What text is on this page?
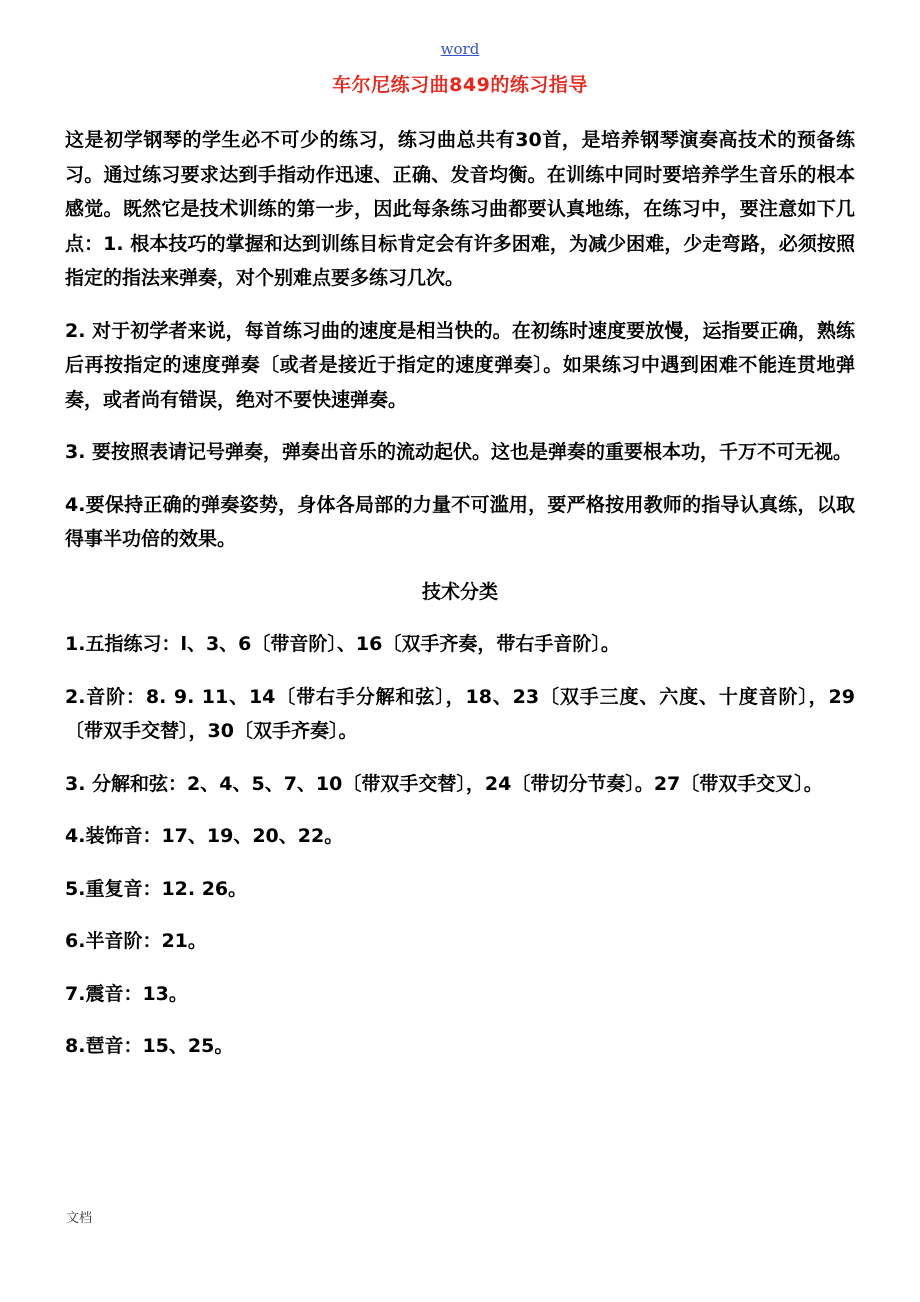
word
车尔尼练习曲849的练习指导

这是初学钢琴的学生必不可少的练习，练习曲总共有30首，是培养钢琴演奏高技术的预备练习。通过练习要求达到手指动作迅速、正确、发音均衡。在训练中同时要培养学生音乐的根本感觉。既然它是技术训练的第一步，因此每条练习曲都要认真地练，在练习中，要注意如下几点：1. 根本技巧的掌握和达到训练目标肯定会有许多困难，为减少困难，少走弯路，必须按照指定的指法来弹奏，对个别难点要多练习几次。

2. 对于初学者来说，每首练习曲的速度是相当快的。在初练时速度要放慢，运指要正确，熟练后再按指定的速度弹奏〔或者是接近于指定的速度弹奏〕。如果练习中遇到困难不能连贯地弹奏，或者尚有错误，绝对不要快速弹奏。

3. 要按照表请记号弹奏，弹奏出音乐的流动起伏。这也是弹奏的重要根本功，千万不可无视。

4.要保持正确的弹奏姿势，身体各局部的力量不可滥用，要严格按用教师的指导认真练，以取得事半功倍的效果。

技术分类

1.五指练习：l、3、6〔带音阶〕、16〔双手齐奏，带右手音阶〕。

2.音阶：8. 9. 11、14〔带右手分解和弦〕，18、23〔双手三度、六度、十度音阶〕，29〔带双手交替〕，30〔双手齐奏〕。

3. 分解和弦：2、4、5、7、10〔带双手交替〕，24〔带切分节奏〕。27〔带双手交叉〕。

4.装饰音：17、19、20、22。

5.重复音：12. 26。

6.半音阶：21。

7.震音：13。

8.琶音：15、25。

文档
